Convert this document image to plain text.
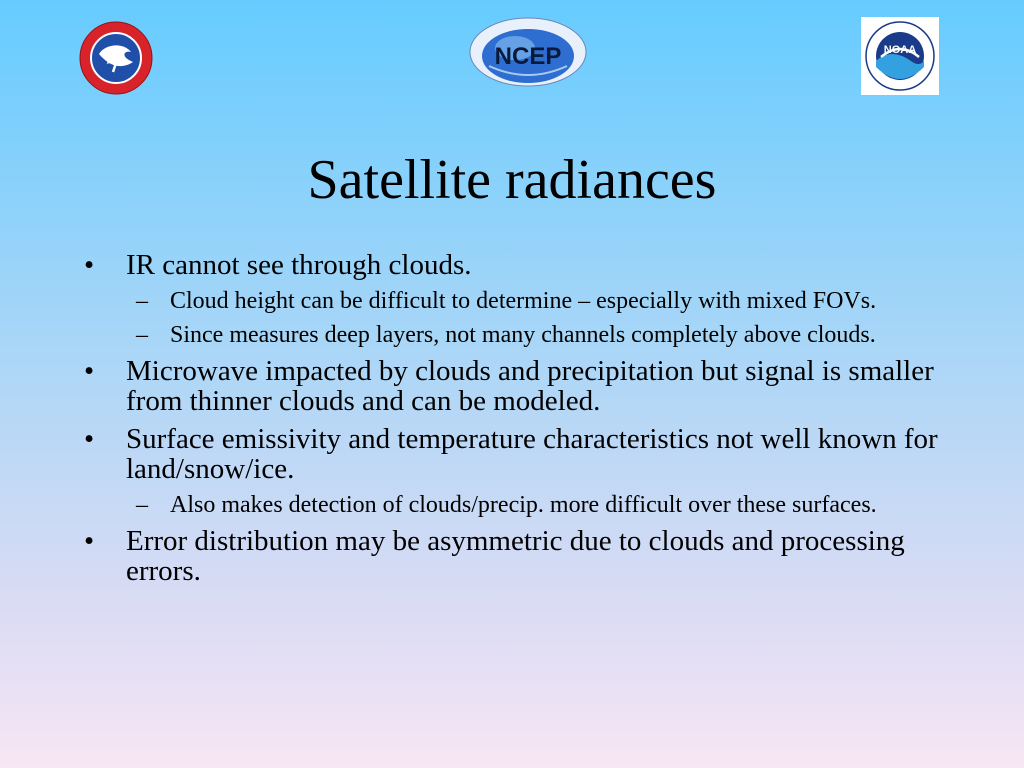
NCEP	NOAA
Satellite radiances
• IR cannot see through clouds.
– Cloud height can be difficult to determine – especially with mixed FOVs.
– Since measures deep layers, not many channels completely above clouds.
• Microwave impacted by clouds and precipitation but signal is smaller from thinner clouds and can be modeled.
• Surface emissivity and temperature characteristics not well known for land/snow/ice.
– Also makes detection of clouds/precip. more difficult over these surfaces.
• Error distribution may be asymmetric due to clouds and processing errors.
